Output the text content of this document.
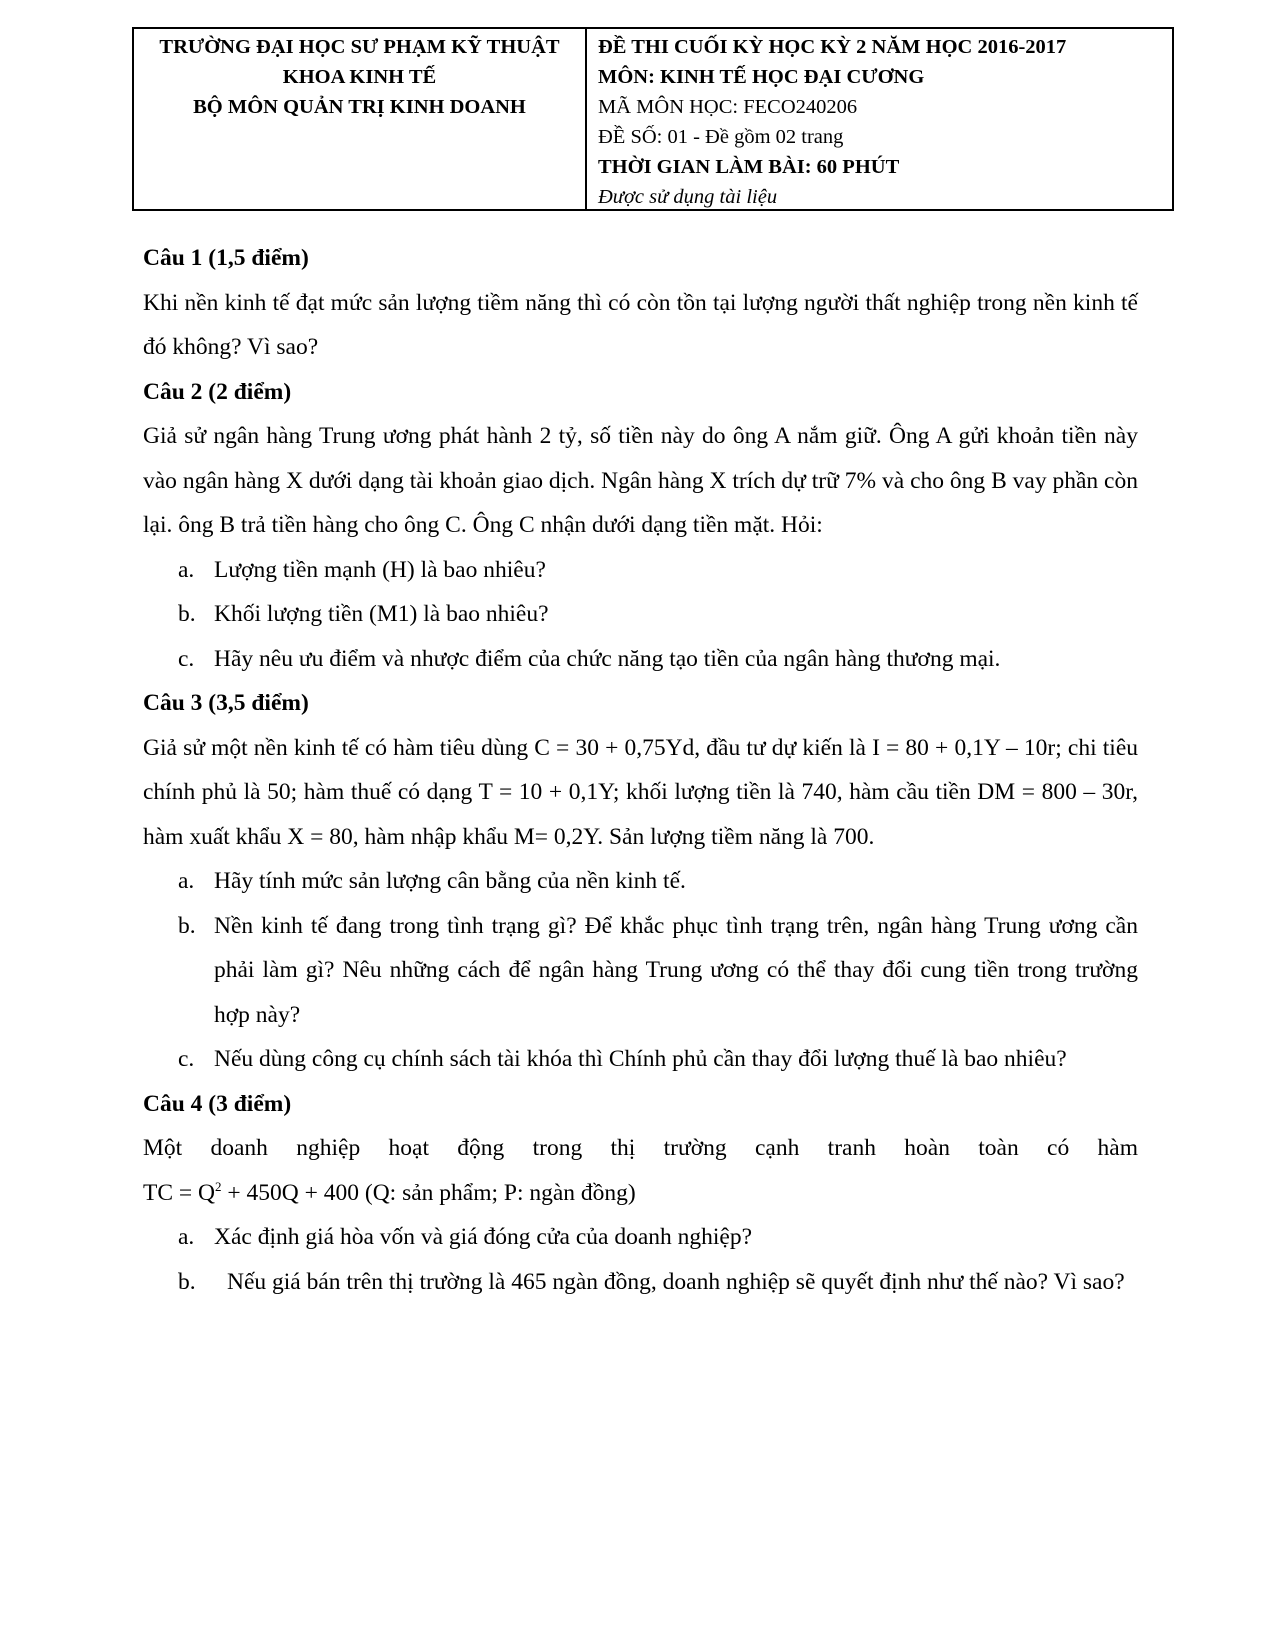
TRƯỜNG ĐẠI HỌC SƯ PHẠM KỸ THUẬT
KHOA KINH TẾ
BỘ MÔN QUẢN TRỊ KINH DOANH
ĐỀ THI CUỐI KỲ HỌC KỲ 2 NĂM HỌC 2016-2017
MÔN: KINH TẾ HỌC ĐẠI CƯƠNG
MÃ MÔN HỌC: FECO240206
ĐỀ SỐ: 01 - Đề gồm 02 trang
THỜI GIAN LÀM BÀI: 60 PHÚT
Được sử dụng tài liệu
Câu 1 (1,5 điểm)
Khi nền kinh tế đạt mức sản lượng tiềm năng thì có còn tồn tại lượng người thất nghiệp trong nền kinh tế đó không? Vì sao?
Câu 2 (2 điểm)
Giả sử ngân hàng Trung ương phát hành 2 tỷ, số tiền này do ông A nắm giữ. Ông A gửi khoản tiền này vào ngân hàng X dưới dạng tài khoản giao dịch. Ngân hàng X trích dự trữ 7% và cho ông B vay phần còn lại. ông B trả tiền hàng cho ông C. Ông C nhận dưới dạng tiền mặt. Hỏi:
a. Lượng tiền mạnh (H) là bao nhiêu?
b. Khối lượng tiền (M1) là bao nhiêu?
c. Hãy nêu ưu điểm và nhược điểm của chức năng tạo tiền của ngân hàng thương mại.
Câu 3 (3,5 điểm)
Giả sử một nền kinh tế có hàm tiêu dùng C = 30 + 0,75Yd, đầu tư dự kiến là I = 80 + 0,1Y – 10r; chi tiêu chính phủ là 50; hàm thuế có dạng T = 10 + 0,1Y; khối lượng tiền là 740, hàm cầu tiền DM = 800 – 30r, hàm xuất khẩu X = 80, hàm nhập khẩu M= 0,2Y. Sản lượng tiềm năng là 700.
a. Hãy tính mức sản lượng cân bằng của nền kinh tế.
b. Nền kinh tế đang trong tình trạng gì? Để khắc phục tình trạng trên, ngân hàng Trung ương cần phải làm gì? Nêu những cách để ngân hàng Trung ương có thể thay đổi cung tiền trong trường hợp này?
c. Nếu dùng công cụ chính sách tài khóa thì Chính phủ cần thay đổi lượng thuế là bao nhiêu?
Câu 4 (3 điểm)
Một doanh nghiệp hoạt động trong thị trường cạnh tranh hoàn toàn có hàm
TC = $Q^2 + 450Q + 400$ (Q: sản phẩm; P: ngàn đồng)
a. Xác định giá hòa vốn và giá đóng cửa của doanh nghiệp?
b.	Nếu giá bán trên thị trường là 465 ngàn đồng, doanh nghiệp sẽ quyết định như thế nào? Vì sao?
